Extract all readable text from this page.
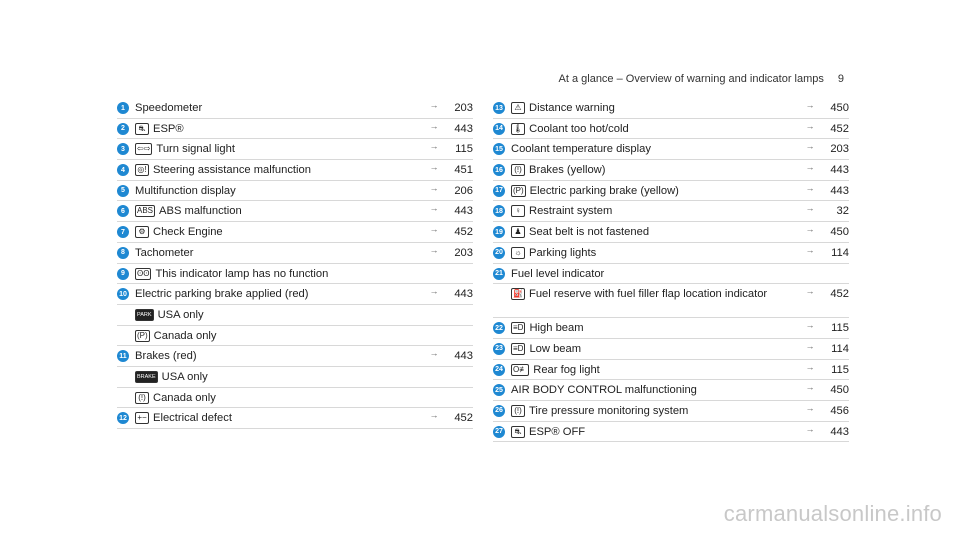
At a glance – Overview of warning and indicator lamps 9
1 Speedometer	→	203
2	⛐ ESP®	→	443
3	⇦⇨ Turn signal light	→	115
4	◎! Steering assistance malfunction	→	451
5 Multifunction display	→	206
6	ABS ABS malfunction	→	443
7	⚙ Check Engine	→	452
8 Tachometer	→	203
9	ʘʘ This indicator lamp has no function
10 Electric parking brake applied (red)	→	443
PARK USA only
(P) Canada only
11 Brakes (red)	→	443
BRAKE USA only
(!) Canada only
12 +− Electrical defect	→	452
13	⚠ Distance warning	→	450
14 🌡 Coolant too hot/cold	→	452
15 Coolant temperature display	→	203
16	(!) Brakes (yellow)	→	443
17 (P) Electric parking brake (yellow)	→	443
18	♀ Restraint system	→	32
19	♟ Seat belt is not fastened	→	450
20	☼ Parking lights	→	114
21 Fuel level indicator
⛽ Fuel reserve with fuel filler flap location indicator	→	452
22 ≡D High beam	→	115
23 ≡D Low beam	→	114
24 O≢ Rear fog light	→	115
25 AIR BODY CONTROL malfunctioning	→	450
26	(!) Tire pressure monitoring system	→	456
27	⛐ ESP® OFF	→	443
carmanualsonline.info
